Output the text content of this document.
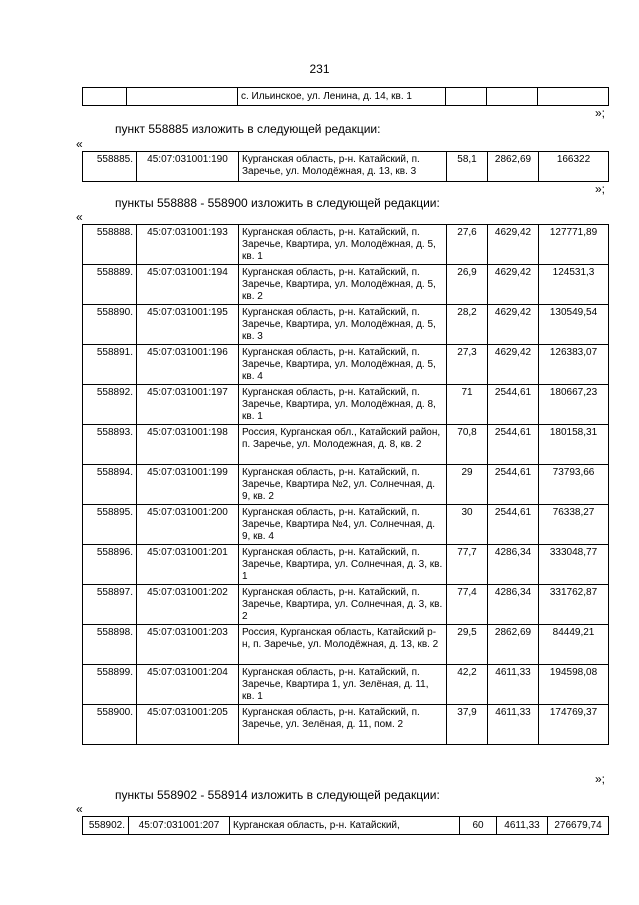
231
		с. Ильинское, ул. Ленина, д. 14, кв. 1			
»;
пункт 558885 изложить в следующей редакции:
«
558885.	45:07:031001:190	Курганская область, р-н. Катайский, п. Заречье, ул. Молодёжная, д. 13, кв. 3	58,1	2862,69	166322
»;
пункты 558888 - 558900 изложить в следующей редакции:
«
558888.	45:07:031001:193	Курганская область, р-н. Катайский, п. Заречье, Квартира, ул. Молодёжная, д. 5, кв. 1	27,6	4629,42	127771,89
558889.	45:07:031001:194	Курганская область, р-н. Катайский, п. Заречье, Квартира, ул. Молодёжная, д. 5, кв. 2	26,9	4629,42	124531,3
558890.	45:07:031001:195	Курганская область, р-н. Катайский, п. Заречье, Квартира, ул. Молодёжная, д. 5, кв. 3	28,2	4629,42	130549,54
558891.	45:07:031001:196	Курганская область, р-н. Катайский, п. Заречье, Квартира, ул. Молодёжная, д. 5, кв. 4	27,3	4629,42	126383,07
558892.	45:07:031001:197	Курганская область, р-н. Катайский, п. Заречье, Квартира, ул. Молодёжная, д. 8, кв. 1	71	2544,61	180667,23
558893.	45:07:031001:198	Россия, Курганская обл., Катайский район, п. Заречье, ул. Молодежная, д. 8, кв. 2	70,8	2544,61	180158,31
558894.	45:07:031001:199	Курганская область, р-н. Катайский, п. Заречье, Квартира №2, ул. Солнечная, д. 9, кв. 2	29	2544,61	73793,66
558895.	45:07:031001:200	Курганская область, р-н. Катайский, п. Заречье, Квартира №4, ул. Солнечная, д. 9, кв. 4	30	2544,61	76338,27
558896.	45:07:031001:201	Курганская область, р-н. Катайский, п. Заречье, Квартира, ул. Солнечная, д. 3, кв. 1	77,7	4286,34	333048,77
558897.	45:07:031001:202	Курганская область, р-н. Катайский, п. Заречье, Квартира, ул. Солнечная, д. 3, кв. 2	77,4	4286,34	331762,87
558898.	45:07:031001:203	Россия, Курганская область, Катайский р-н, п. Заречье, ул. Молодёжная, д. 13, кв. 2	29,5	2862,69	84449,21
558899.	45:07:031001:204	Курганская область, р-н. Катайский, п. Заречье, Квартира 1, ул. Зелёная, д. 11, кв. 1	42,2	4611,33	194598,08
558900.	45:07:031001:205	Курганская область, р-н. Катайский, п. Заречье, ул. Зелёная, д. 11, пом. 2	37,9	4611,33	174769,37
»;
пункты 558902 - 558914 изложить в следующей редакции:
«
558902.	45:07:031001:207	Курганская область, р-н. Катайский,	60	4611,33	276679,74
